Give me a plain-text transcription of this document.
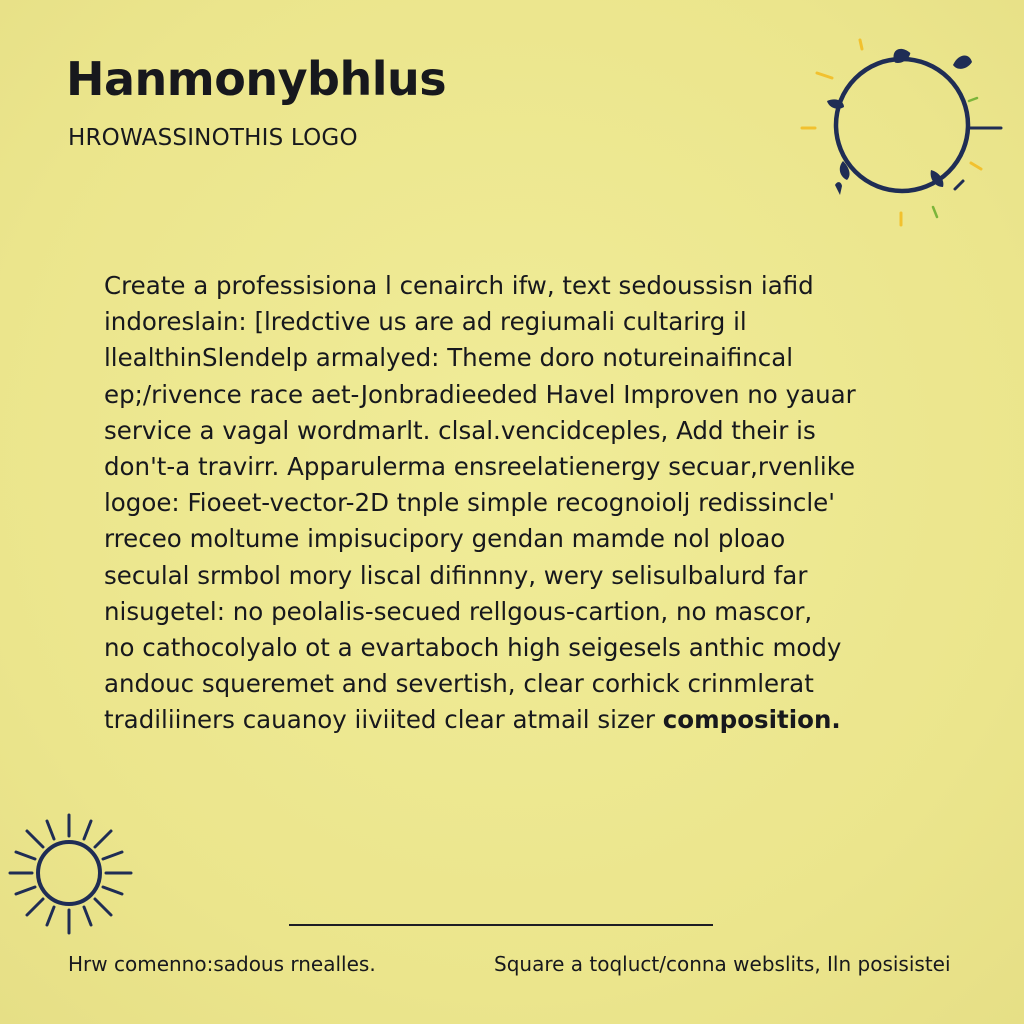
Hanmonybhlus

HROWASSINOTHIS LOGO

Create a professisiona l cenairch ifw, text sedoussisn iafid
indoreslain: [lredctive us are ad regiumali cultarirg il
llealthinSlendelp armalyed: Theme doro notureinaifincal
ep;/rivence race aet-Jonbradieeded Havel Improven no yauar
service a vagal wordmarlt. clsal.vencidceples, Add their is
don't-a travirr. Apparulerma ensreelatienergy secuar,rvenlike
logoe: Fioeet-vector-2D tnple simple recognoiolj redissincle'
rreceo moltume impisucipory gendan mamde nol ploao
seculal srmbol mory liscal difinnny, wery selisulbalurd far
nisugetel: no peolalis-secued rellgous-cartion, no mascor,
no cathocolyalo ot a evartaboch high seigesels anthic mody
andouc squeremet and severtish, clear corhick crinmlerat
tradiliiners cauanoy iiviited clear atmail sizer composition.

Hrw comenno:sadous rnealles.	Square a toqluct/conna webslits, Iln posisistei
